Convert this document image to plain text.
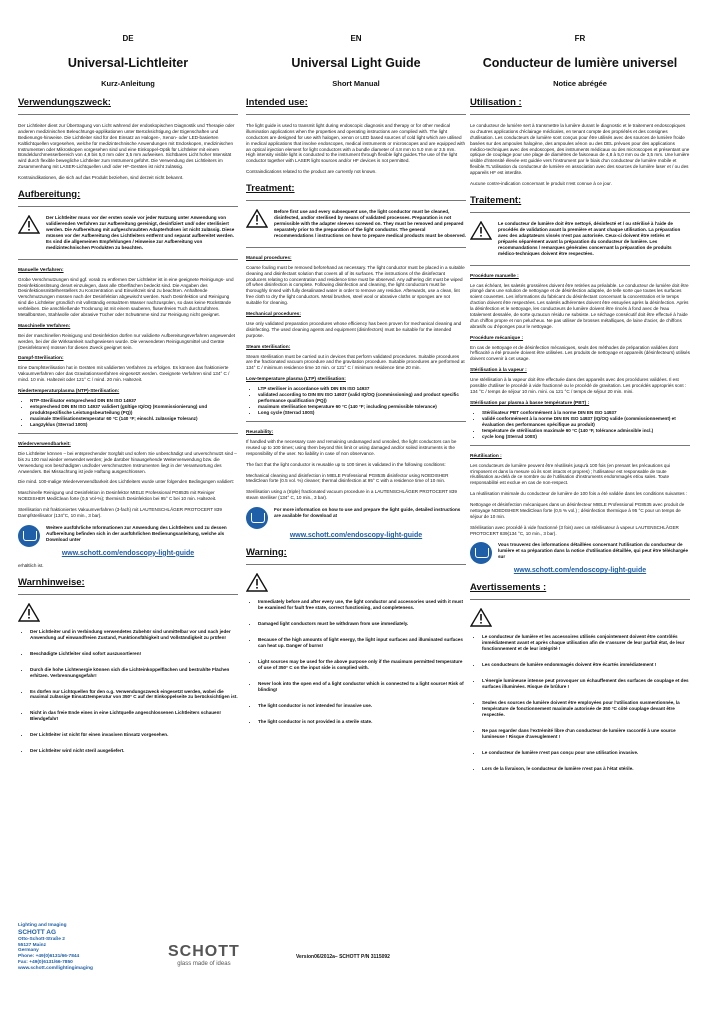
DE
Universal-Lichtleiter
Kurz-Anleitung
Verwendungszweck:

Der Lichtleiter dient zur Übertragung von Licht während der endoskopischen Diagnostik und Therapie oder anderen medizinischen Beleuchtungs-applikationen unter Berücksichtigung der Eigenschaften und Bedienungs-hinweise. Die Lichtleiter sind für den Einsatz an Halogen-, Xenon- oder LED-basierten Kaltlichtquellen vorgesehen, welche für medizintechnische Anwendungen mit Endoskopen, medizinischen Instrumenten oder Mikroskopen vorgesehen sind und eine Einkoppel-Optik für Lichtleiter mit einem Bündeldurchmesserbereich von 4,8 bis 5,0 mm oder 3,5 mm aufweisen. Sichtbares Licht hoher Intensität wird durch flexible bewegliche Lichtleiter zum Instrument geführt. Die Verwendung des Lichtleiters im Zusammenhang mit LASER-Lichtquellen und/ oder HF-Geräten ist nicht zulässig.

Kontraindikationen, die sich auf das Produkt beziehen, sind derzeit nicht bekannt.

Aufbereitung:
Der Lichtleiter muss vor der ersten sowie vor jeder Nutzung unter Anwendung von validierenden Verfahren zur Aufbereitung gereinigt, desinfiziert und/ oder sterilisiert werden. Die Aufbereitung mit aufgeschraubten Adapterhülsen ist nicht zulässig. Diese müssen vor der Aufbereitung des Lichtleiters entfernt und separat aufbereitet werden. Es sind die allgemeinen Empfehlungen / Hinweise zur Aufbereitung von medizintechnischen Produkten zu beachten.
Manuelle Verfahren:

Grobe Verschmutzungen sind ggf. vorab zu entfernen Der Lichtleiter ist in eine geeignete Reinigungs- und Desinfektionslösung derart einzulegen, dass alle Oberflächen bedeckt sind. Die Angaben des Desinfektionsmittelherstellers zu Konzentration und Einwirkzeit sind zu beachten. Anhaftende Verschmutzungen müssen nach der Desinfektion abgewischt werden. Nach Desinfektion und Reinigung sind die Lichtleiter gründlich mit vollständig entsalztem Wasser nachzuspülen, so dass keine Rückstände verbleiben. Die anschließende Trocknung ist mit einem sauberen, flusenfreien Tuch durchzuführen. Metallbürsten, Stahlwolle oder abrasive Tücher oder Schwämme sind zur Reinigung nicht geeignet.

Maschinelle Verfahren:

Bei der maschinellen Reinigung und Desinfektion dürfen nur validierte Aufbereitungsverfahren angewendet werden, bei der die Wirksamkeit nachgewiesen wurde. Die verwendeten Reinigungsmittel und Geräte (Desinfektoren) müssen für diesen Zweck geeignet sein.

Dampf-Sterilisation:

Eine Dampfsterilisation hat in Geräten mit validierten Verfahren zu erfolgen. Es können das fraktionierte Vakuumverfahren oder das Gravitationsverfahren eingesetzt werden. Geeignete Verfahren sind 134° C / mind. 10 min. Haltezeit oder 121° C / mind. 20 min. Haltezeit.

Niedertemperaturplasma (NTP)-Sterilisation:
• NTP-Sterilisator entsprechend DIN EN ISO 14937
• entsprechend DIN EN ISO 14937 validiert (gültige IQ/OQ (Kommissionierung) und produktspezifische Leistungsbeurteilung (PQ))
• maximale Sterilisationstemperatur 60 °C (140 °F; einschl. zulässige Toleranz)
• Langzyklus (Sterrad 100S)
Wiederverwendbarkeit:

Die Lichtleiter können – bei entsprechender Sorgfalt und sofern Sie unbeschädigt und unverschmutzt sind – bis zu 100 mal wieder verwendet werden; jede darüber hinausgehende Weiterverwendung bzw. die Verwendung von beschädigten und/oder verschmutzten Instrumenten liegt in der Verantwortung des Anwenders. Bei Missachtung ist jede Haftung ausgeschlossen.

Die mind. 100-malige Wiederverwendbarkeit des Lichtleiters wurde unter folgenden Bedingungen validiert:

Maschinelle Reinigung und Desinfektion in Desinfektor MIELE Professional PG8535 mit Reiniger NOEDISHER MediClean forte (0,5 Vol-%); thermisch Desinfektion bei 95° C bei 10 min. Haltezeit.

Sterilisation mit fraktioniertes Vakuumverfahren (3-fach) mit LAUTENSCHLÄGER PROTOCERT 839 Dampfsterilisator (134°C, 10 min., 3 bar).

Weitere ausführliche Informationen zur Anwendung des Lichtleiters und zu dessen Aufbereitung befinden sich in der ausführlichen Bedienungsanleitung, welche als Download unter
www.schott.com/endoscopy-light-guide

erhältlich ist.

Warnhinweise:
• Der Lichtleiter und in Verbindung verwendetes Zubehör sind unmittelbar vor und nach jeder Anwendung auf einwandfreien Zustand, Funktionsfähigkeit und Vollständigkeit zu prüfen!
• Beschädigte Lichtleiter sind sofort auszusortieren!
• Durch die hohe Lichtenergie können sich die Lichteinkoppelflächen und bestrahlte Flächen erhitzen. Verbrennungsgefahr!
• Es dürfen nur Lichtquellen für den o.g. Verwendungszweck eingesetzt werden, wobei die maximal zulässige Einsatztemperatur von 350° C auf der Einkoppelseite zu berücksichtigen ist.
• Nicht in das freie Ende eines in eine Lichtquelle angeschlossenen Lichtleiters schauen! Blendgefahr!
• Der Lichtleiter ist nicht für einen invasiven Einsatz vorgesehen.
• Der Lichtleiter wird nicht steril ausgeliefert.
EN
Universal Light Guide
Short Manual
Intended use:

The light guide is used to transmit light during endoscopic diagnosis and therapy or for other medical illumination applications when the properties and operating instructions are complied with. The light conductors are designed for use with halogen, xenon or LED based sources of cold light which are utilised in medical applications that involve endoscopes, medical instruments or microscopes and are equipped with an optical injection element for light conductors with a bundle diameter of 4.8 mm to 5.0 mm or 3.5 mm. High intensity visible light is conducted to the instrument through flexible light guides.The use of the light conductor together with LASER light sources and/or HF devices is not permitted.

Contraindications related to the product are currently not known.

Treatment:
Before first use and every subsequent use, the light conductor must be cleaned, disinfected, and/or sterilised by means of validated processes. Preparation is not permissible with the adapter sleeves screwed on. They must be removed and prepared separately prior to the preparation of the light conductor. The general recommendations / instructions on how to prepare medical products must be observed.
Manual procedures:

Coarse fouling must be removed beforehand as necessary. The light conductor must be placed in a suitable cleaning and disinfectant solution that covers all of its surfaces. The instructions of the disinfectant producers relating to concentration and residence time must be observed. Any adhering dirt must be wiped off when disinfection is complete. Following disinfection and cleaning, the light conductors must be thoroughly rinsed with fully desalinated water in order to remove any residue. Afterwards, use a clean, lint free cloth to dry the light conductors. Metal brushes, steel wool or abrasive cloths or sponges are not suitable for cleaning.

Mechanical procedures:

Use only validated preparation procedures whose efficiency has been proven for mechanical cleaning and disinfecting. The used cleaning agents and equipment (disinfectors) must be suitable for the intended purpose.

Steam sterilisation:

Steam sterilisation must be carried out in devices that perform validated procedures. Suitable procedures are the fractionated vacuum procedure and the gravitation procedure. Suitable procedures are performed at 134° C / minimum residence time 10 min. or 121° C / minimum residence time 20 min.

Low-temperature plasma (LTP) sterilisation:
• LTP steriliser in accordance with DIN EN ISO 14937
• validated according to DIN EN ISO 14937 (valid IQ/OQ (commissioning) and product specific performance qualification (PQ))
• maximum sterilisation temperature 60 °C (140 °F; including permissible tolerance)
• Long cycle (Sterrad 100S)
Reusability:

If handled with the necessary care and remaining undamaged and unsoiled, the light conductors can be reused up to 100 times; using them beyond this limit or using damaged and/or soiled instruments is the responsibility of the user. No liability in case of non observance.

The fact that the light conductor is reusable up to 100 times is validated in the following conditions:

Mechanical cleaning and disinfection in MIELE Professional PG8535 disinfector using NOEDISHER MediClean forte (0.5 vol. %) cleaner; thermal disinfection at 95° C with a residence time of 10 min.

Sterilisation using a (triple) fractionated vacuum procedure in a LAUTENSCHLÄGER PROTOCERT 839 steam steriliser (134° C, 10 min., 3 bar).

For more information on how to use and prepare the light guide, detailed instructions are available for download at
www.schott.com/endoscopy-light-guide
Warning:
• Immediately before and after every use, the light conductor and accessories used with it must be examined for fault free state, correct functioning, and completeness.
• Damaged light conductors must be withdrawn from use immediately.
• Because of the high amounts of light energy, the light input surfaces and illuminated surfaces can heat up. Danger of burns!
• Light sources may be used for the above purpose only if the maximum permitted temperature of use of 350° C on the input side is complied with.
• Never look into the open end of a light conductor which is connected to a light source! Risk of blinding!
• The light conductor is not intended for invasive use.
• The light conductor is not provided in a sterile state.
FR
Conducteur de lumière universel
Notice abrégée
Utilisation :

Le conducteur de lumière sert à transmettre la lumière durant le diagnostic et le traitement endoscopiques ou d'autres applications d'éclairage médicales, en tenant compte des propriétés et des consignes d'utilisation. Les conducteurs de lumière sont conçus pour être utilisés avec des sources de lumière froide basées sur des ampoules halogène, des ampoules xénon ou des DEL prévues pour des applications médico-techniques avec des endoscopes, des instruments médicaux ou des microscopes et présentant une optique de couplage pour une plage de diamètres de faisceaux de 4,8 à 5,0 mm ou de 3,5 mm. Une lumière visible d'intensité élevée est guidée vers l'instrument par le biais d'un conducteur de lumière mobile et flexible.TL'utilisation du conducteur de lumière en association avec des sources de lumière laser et / ou des appareils HF est interdite.

Aucune contre-indication concernant le produit n'est connue à ce jour.

Traitement:
Le conducteur de lumière doit être nettoyé, désinfecté et / ou stérilisé à l'aide de procédés de validation avant la première et avant chaque utilisation. La préparation avec des adaptateurs vissés n'est pas autorisée. Ceux-ci doivent être retirés et préparés séparément avant la préparation du conducteur de lumière. Les recommandations / remarques générales concernant la préparation de produits médico-techniques doivent être respectées.
Procédure manuelle :

Le cas échéant, les saletés grossières doivent être retirées au préalable. Le conducteur de lumière doit être plongé dans une solution de nettoyage et de désinfection adaptée, de telle sorte que toutes les surfaces soient couvertes. Les informations du fabricant du désinfectant concernant la concentration et le temps d'action doivent être respectées. Les saletés adhérentes doivent être essuyées après la désinfection. Après la désinfection et le nettoyage, les conducteurs de lumière doivent être rincés à fond avec de l'eau totalement dessalée, de sorte qu'aucun résidu ne subsiste. Le séchage consécutif doit être effectué à l'aide d'un chiffon propre et non pelucheux. Ne pas utiliser de brosses métalliques, de laine d'acier, de chiffons abrasifs ou d'éponges pour le nettoyage.

Procédure mécanique :

En cas de nettoyage et de désinfection mécaniques, seuls des méthodes de préparation validées dont l'efficacité a été prouvée doivent être utilisées. Les produits de nettoyage et appareils (désinfecteurs) utilisés doivent convenir à cet usage.

Stérilisation à la vapeur :

Une stérilisation à la vapeur doit être effectuée dans des appareils avec des procédures validées. Il est possible d'utiliser le procédé à vide fractionné ou le procédé de gravitation. Les procédés appropriés sont : 134 °C / temps de séjour 10 min. mini. ou 121 °C / temps de séjour 20 min. mini.

Stérilisation par plasma à basse température (PBT) :
• Stérilisateur PBT conformément à la norme DIN EN ISO 14937
• validé conformément à la norme DIN EN ISO 14937 (IQ/OQ valide (commissionnement) et évaluation des performances spécifique au produit)
• température de stérilisation maximale 60 °C (140 °F, tolérance admissible incl.)
• cycle long (Sterrad 100S)
Réutilisation :

Les conducteurs de lumière peuvent être réutilisés jusqu'à 100 fois (en prenant les précautions qui s'imposent et dans la mesure où ils sont intacts et propres) ; l'utilisateur est responsable de toute réutilisation au-delà de ce nombre ou de l'utilisation d'instruments endommagés et/ou sales. Toute responsabilité est exclue en cas de non-respect.

La réutilisation minimale du conducteur de lumière de 100 fois a été validée dans les conditions suivantes :

Nettoyage et désinfection mécaniques dans un désinfecteur MIELE Professional PG8535 avec produit de nettoyage NOEDISHER MediClean forte (0,5 % vol.) ; désinfection thermique à 95 °C pour un temps de séjour de 10 min.

Stérilisation avec procédé à vide fractionné (3 fois) avec un stérilisateur à vapeur LAUTENSCHLÄGER PROTOCERT 839(134 °C, 10 min., 3 bar).

Vous trouverez des informations détaillées concernant l'utilisation du conducteur de lumière et sa préparation dans la notice d'utilisation détaillée, qui peut être téléchargée sur
www.schott.com/endoscopy-light-guide
Avertissements :
• Le conducteur de lumière et les accessoires utilisés conjointement doivent être contrôlés immédiatement avant et après chaque utilisation afin de s'assurer de leur parfait état, de leur fonctionnement et de leur intégrité !
• Les conducteurs de lumière endommagés doivent être écartés immédiatement !
• L'énergie lumineuse intense peut provoquer un échauffement des surfaces de couplage et des surfaces illuminées. Risque de brûlure !
• Seules des sources de lumière doivent être employées pour l'utilisation susmentionnée, la température de fonctionnement maximale autorisée de 350 °C côté couplage devant être respectée.
• Ne pas regarder dans l'extrémité libre d'un conducteur de lumière raccordé à une source lumineuse ! Risque d'aveuglement !
• Le conducteur de lumière n'est pas conçu pour une utilisation invasive.
• Lors de la livraison, le conducteur de lumière n'est pas à l'état stérile.
Lighting and Imaging
SCHOTT AG
Otto-Schott-Straße 2
55127 Mainz
Germany
Phone: +49(0)6131/66-7844
Fax: +49(0)6131/66-7850
www.schott.com/lightingimaging
SCHOTT
glass made of ideas
Version06/2012a– SCHOTT P/N 3115092
